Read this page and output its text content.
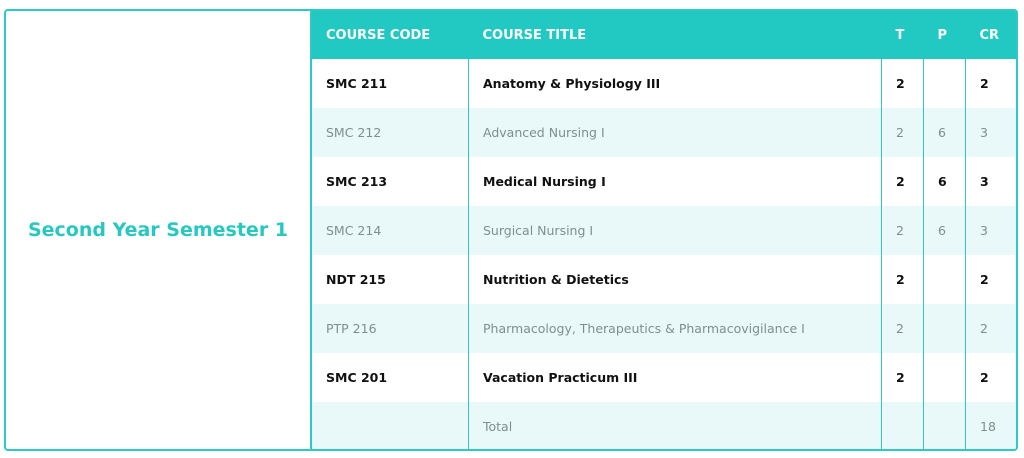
Second Year Semester 1
COURSE CODE	COURSE TITLE	T	P	CR
SMC 211	Anatomy & Physiology III	2		2
SMC 212	Advanced Nursing I	2	6	3
SMC 213	Medical Nursing I	2	6	3
SMC 214	Surgical Nursing I	2	6	3
NDT 215	Nutrition & Dietetics	2		2
PTP 216	Pharmacology, Therapeutics & Pharmacovigilance I	2		2
SMC 201	Vacation Practicum III	2		2
	Total			18
